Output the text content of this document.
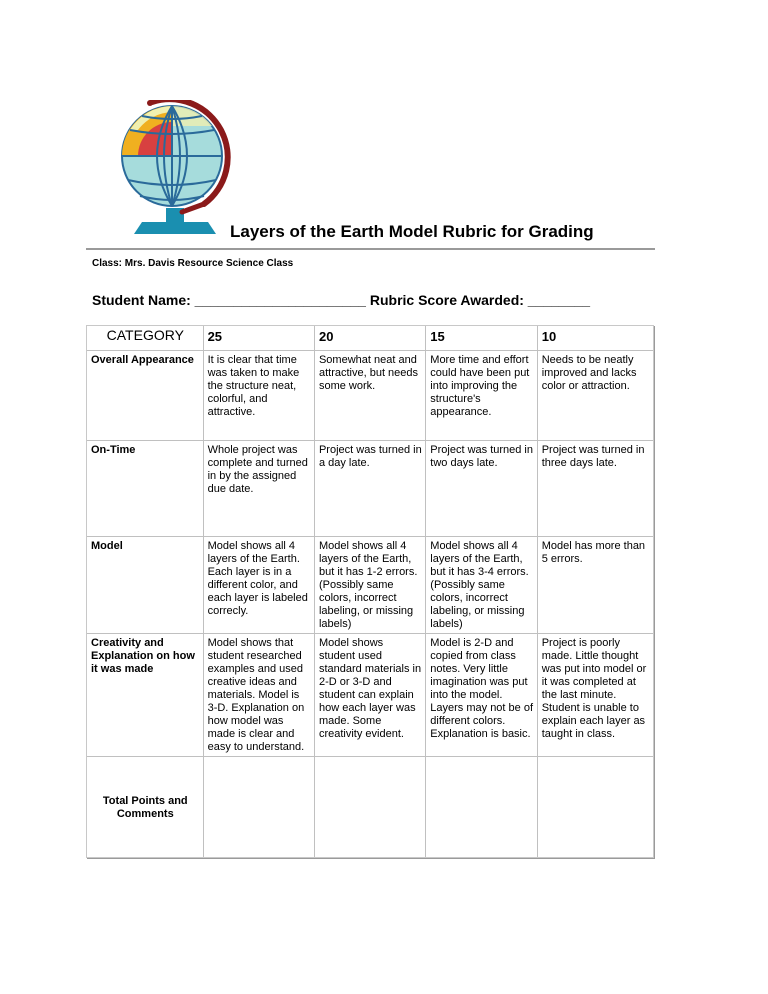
Layers of the Earth Model Rubric for Grading
Class: Mrs. Davis Resource Science Class
Student Name: ______________________ Rubric Score Awarded: ________
CATEGORY	25	20	15	10
Overall Appearance	It is clear that time was taken to make the structure neat, colorful, and attractive.	Somewhat neat and attractive, but needs some work.	More time and effort could have been put into improving the structure's appearance.	Needs to be neatly improved and lacks color or attraction.
On-Time	Whole project was complete and turned in by the assigned due date.	Project was turned in a day late.	Project was turned in two days late.	Project was turned in three days late.
Model	Model shows all 4 layers of the Earth. Each layer is in a different color, and each layer is labeled correcly.	Model shows all 4 layers of the Earth, but it has 1-2 errors. (Possibly same colors, incorrect labeling, or missing labels)	Model shows all 4 layers of the Earth, but it has 3-4 errors. (Possibly same colors, incorrect labeling, or missing labels)	Model has more than 5 errors.
Creativity and Explanation on how it was made	Model shows that student researched examples and used creative ideas and materials. Model is 3-D. Explanation on how model was made is clear and easy to understand.	Model shows student used standard materials in 2-D or 3-D and student can explain how each layer was made. Some creativity evident.	Model is 2-D and copied from class notes. Very little imagination was put into the model. Layers may not be of different colors. Explanation is basic.	Project is poorly made. Little thought was put into model or it was completed at the last minute. Student is unable to explain each layer as taught in class.
Total Points and Comments				
